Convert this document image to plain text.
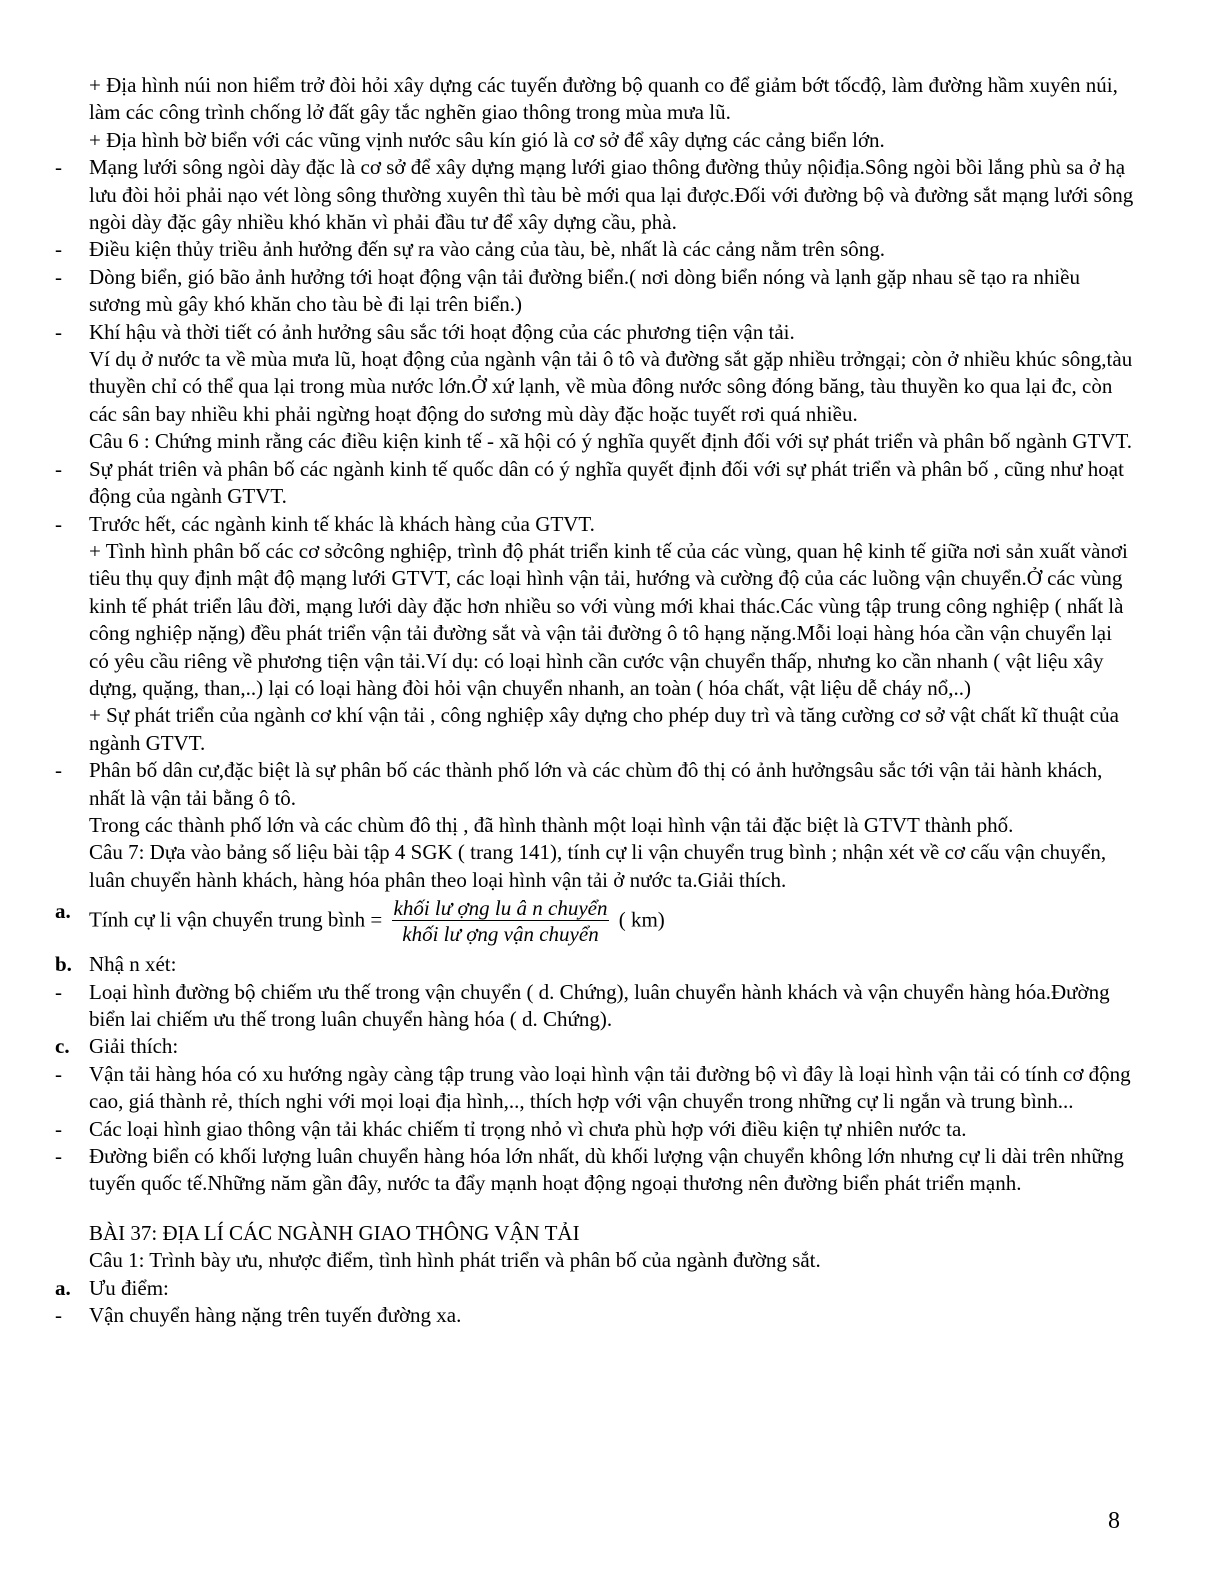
+ Địa hình núi non hiểm trở đòi hỏi xây dựng các tuyến đường bộ quanh co để giảm bớt tốcđộ, làm đường hầm xuyên núi, làm các công trình chống lở đất gây tắc nghẽn giao thông trong mùa mưa lũ.
+ Địa hình bờ biển với các vũng vịnh nước sâu kín gió là cơ sở để xây dựng các cảng biển lớn.
-	Mạng lưới sông ngòi dày đặc là cơ sở để xây dựng mạng lưới giao thông đường thủy nộiđịa.Sông ngòi bồi lắng phù sa ở hạ lưu đòi hỏi phải nạo vét lòng sông thường xuyên thì tàu bè mới qua lại được.Đối với đường bộ và đường sắt mạng lưới sông ngòi dày đặc gây nhiều khó khăn vì phải đầu tư để xây dựng cầu, phà.
-	Điều kiện thủy triều ảnh hưởng đến sự ra vào cảng của tàu, bè, nhất là các cảng nằm trên sông.
-	Dòng biển, gió bão ảnh hưởng tới hoạt động vận tải đường biển.( nơi dòng biển nóng và lạnh gặp nhau sẽ tạo ra nhiều sương mù gây khó khăn cho tàu bè đi lại trên biển.)
-	Khí hậu và thời tiết có ảnh hưởng sâu sắc tới hoạt động của các phương tiện vận tải.
Ví dụ ở nước ta về mùa mưa lũ, hoạt động của ngành vận tải ô tô và đường sắt gặp nhiều trởngại; còn ở nhiều khúc sông,tàu thuyền chỉ có thể qua lại trong mùa nước lớn.Ở xứ lạnh, về mùa đông nước sông đóng băng, tàu thuyền ko qua lại đc, còn các sân bay nhiều khi phải ngừng hoạt động do sương mù dày đặc hoặc tuyết rơi quá nhiều.
Câu 6 : Chứng minh rằng các điều kiện kinh tế - xã hội có ý nghĩa quyết định đối với sự phát triển và phân bố ngành GTVT.
-	Sự phát triên và phân bố các ngành kinh tế quốc dân có ý nghĩa quyết định đối với sự phát triển và phân bố , cũng như hoạt động của ngành GTVT.
-	Trước hết, các ngành kinh tế khác là khách hàng của GTVT.
+ Tình hình phân bố các cơ sởcông nghiệp, trình độ phát triển kinh tế của các vùng, quan hệ kinh tế giữa nơi sản xuất vànơi tiêu thụ quy định mật độ mạng lưới GTVT, các loại hình vận tải, hướng và cường độ của các luồng vận chuyển.Ở các vùng kinh tế phát triển lâu đời, mạng lưới dày đặc hơn nhiều so với vùng mới khai thác.Các vùng tập trung công nghiệp ( nhất là công nghiệp nặng) đều phát triển vận tải đường sắt và vận tải đường ô tô hạng nặng.Mỗi loại hàng hóa cần vận chuyển lại có yêu cầu riêng về phương tiện vận tải.Ví dụ: có loại hình cần cước vận chuyển thấp, nhưng ko cần nhanh ( vật liệu xây dựng, quặng, than,..) lại có loại hàng đòi hỏi vận chuyển nhanh, an toàn ( hóa chất, vật liệu dễ cháy nổ,..)
+ Sự phát triển của ngành cơ khí vận tải , công nghiệp xây dựng cho phép duy trì và tăng cường cơ sở vật chất kĩ thuật của ngành GTVT.
-	Phân bố dân cư,đặc biệt là sự phân bố các thành phố lớn và các chùm đô thị có ảnh hưởngsâu sắc tới vận tải hành khách, nhất là vận tải bằng ô tô.
Trong các thành phố lớn và các chùm đô thị , đã hình thành một loại hình vận tải đặc biệt là GTVT thành phố.
Câu 7: Dựa vào bảng số liệu bài tập 4 SGK ( trang 141), tính cự li vận chuyển trug bình ; nhận xét về cơ cấu vận chuyển, luân chuyển hành khách, hàng hóa phân theo loại hình vận tải ở nước ta.Giải thích.
a. Tính cự li vận chuyển trung bình = $\frac{\text{khối lư ợng lu â n chuyển}}{\text{khối lư ợng vận chuyển}}$ ( km)
b. Nhậ n xét:
-	Loại hình đường bộ chiếm ưu thế trong vận chuyển ( d. Chứng), luân chuyển hành khách và vận chuyển hàng hóa.Đường biển lai chiếm ưu thế trong luân chuyển hàng hóa ( d. Chứng).
c. Giải thích:
-	Vận tải hàng hóa có xu hướng ngày càng tập trung vào loại hình vận tải đường bộ vì đây là loại hình vận tải có tính cơ động cao, giá thành rẻ, thích nghi với mọi loại địa hình,.., thích hợp với vận chuyển trong những cự li ngắn và trung bình...
-	Các loại hình giao thông vận tải khác chiếm tỉ trọng nhỏ vì chưa phù hợp với điều kiện tự nhiên nước ta.
-	Đường biển có khối lượng luân chuyển hàng hóa lớn nhất, dù khối lượng vận chuyển không lớn nhưng cự li dài trên những tuyến quốc tế.Những năm gần đây, nước ta đẩy mạnh hoạt động ngoại thương nên đường biển phát triển mạnh.
BÀI 37: ĐỊA LÍ CÁC NGÀNH GIAO THÔNG VẬN TẢI
Câu 1: Trình bày ưu, nhược điểm, tình hình phát triển và phân bố của ngành đường sắt.
a. Ưu điểm:
-	Vận chuyển hàng nặng trên tuyến đường xa.
8
